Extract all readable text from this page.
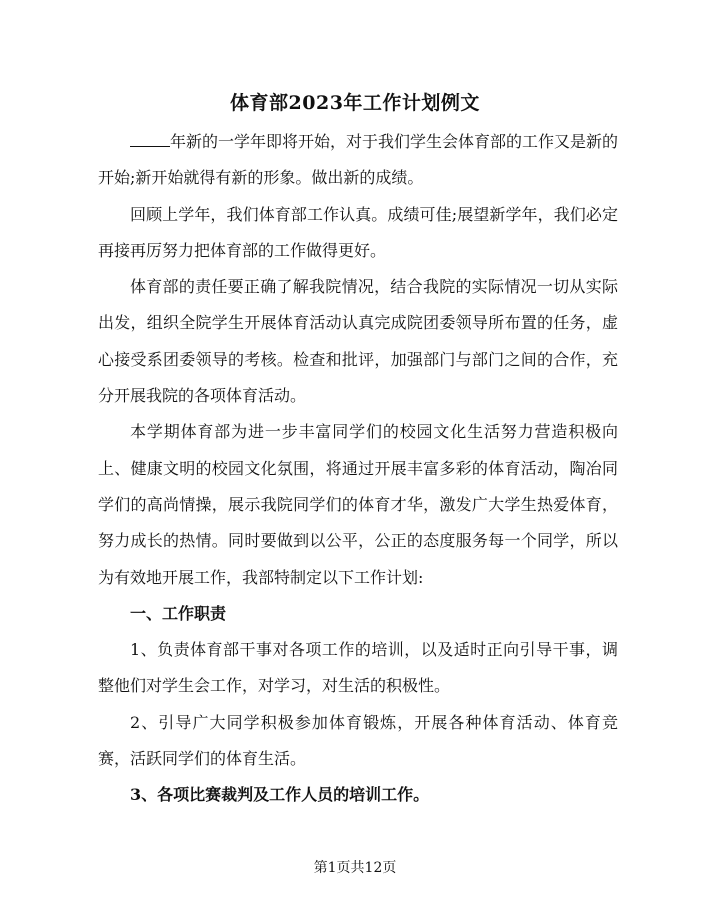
体育部2023年工作计划例文

年新的一学年即将开始，对于我们学生会体育部的工作又是新的开始;新开始就得有新的形象。做出新的成绩。

回顾上学年，我们体育部工作认真。成绩可佳;展望新学年，我们必定再接再厉努力把体育部的工作做得更好。

体育部的责任要正确了解我院情况，结合我院的实际情况一切从实际出发，组织全院学生开展体育活动认真完成院团委领导所布置的任务，虚心接受系团委领导的考核。检查和批评，加强部门与部门之间的合作，充分开展我院的各项体育活动。

本学期体育部为进一步丰富同学们的校园文化生活努力营造积极向上、健康文明的校园文化氛围，将通过开展丰富多彩的体育活动，陶冶同学们的高尚情操，展示我院同学们的体育才华，激发广大学生热爱体育，努力成长的热情。同时要做到以公平，公正的态度服务每一个同学，所以为有效地开展工作，我部特制定以下工作计划:

一、工作职责

1、负责体育部干事对各项工作的培训，以及适时正向引导干事，调整他们对学生会工作，对学习，对生活的积极性。

2、引导广大同学积极参加体育锻炼，开展各种体育活动、体育竞赛，活跃同学们的体育生活。

3、各项比赛裁判及工作人员的培训工作。

第1页共12页
